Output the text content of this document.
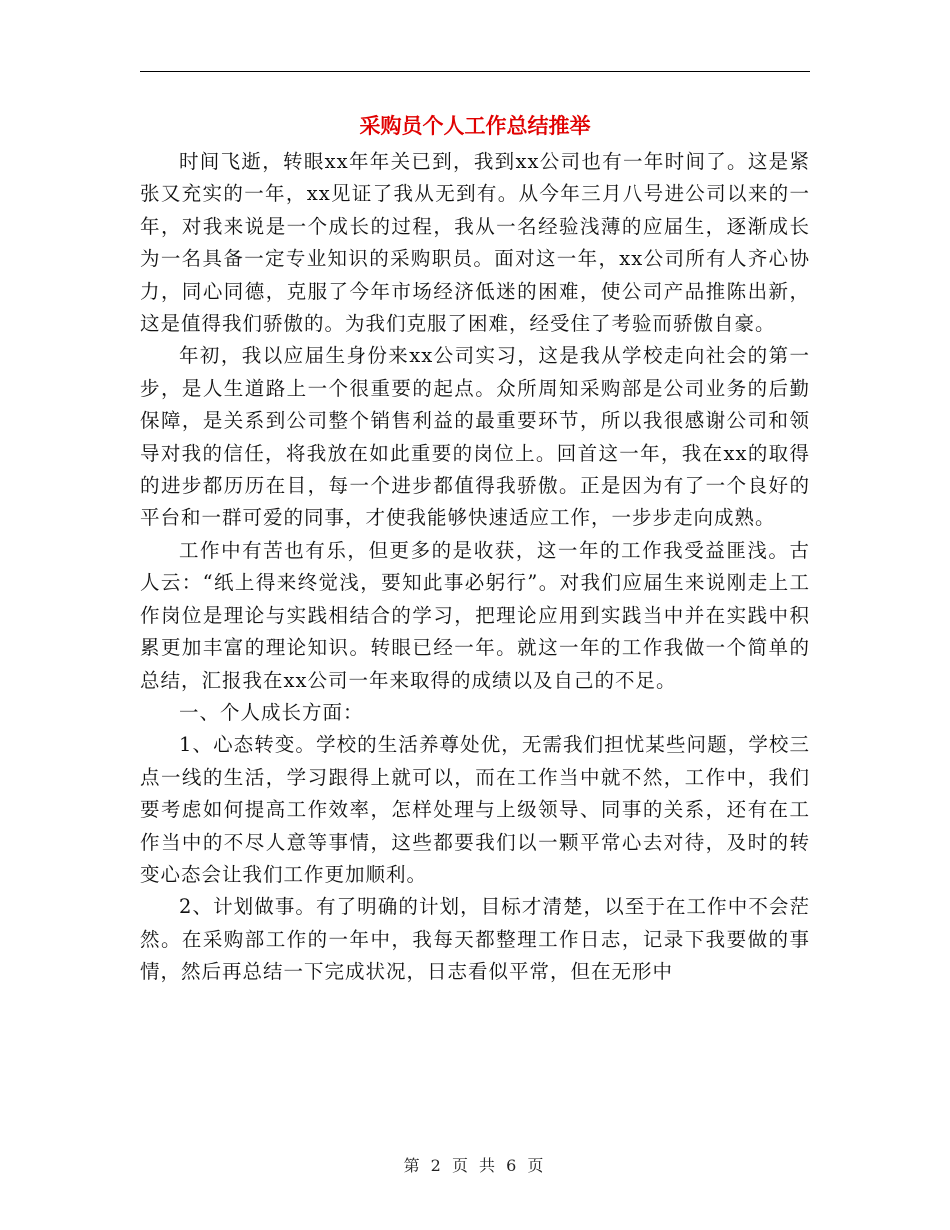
采购员个人工作总结推举

时间飞逝，转眼xx年年关已到，我到xx公司也有一年时间了。这是紧张又充实的一年，xx见证了我从无到有。从今年三月八号进公司以来的一年，对我来说是一个成长的过程，我从一名经验浅薄的应届生，逐渐成长为一名具备一定专业知识的采购职员。面对这一年，xx公司所有人齐心协力，同心同德，克服了今年市场经济低迷的困难，使公司产品推陈出新，这是值得我们骄傲的。为我们克服了困难，经受住了考验而骄傲自豪。

年初，我以应届生身份来xx公司实习，这是我从学校走向社会的第一步，是人生道路上一个很重要的起点。众所周知采购部是公司业务的后勤保障，是关系到公司整个销售利益的最重要环节，所以我很感谢公司和领导对我的信任，将我放在如此重要的岗位上。回首这一年，我在xx的取得的进步都历历在目，每一个进步都值得我骄傲。正是因为有了一个良好的平台和一群可爱的同事，才使我能够快速适应工作，一步步走向成熟。

工作中有苦也有乐，但更多的是收获，这一年的工作我受益匪浅。古人云：“纸上得来终觉浅，要知此事必躬行”。对我们应届生来说刚走上工作岗位是理论与实践相结合的学习，把理论应用到实践当中并在实践中积累更加丰富的理论知识。转眼已经一年。就这一年的工作我做一个简单的总结，汇报我在xx公司一年来取得的成绩以及自己的不足。

一、个人成长方面：

1、心态转变。学校的生活养尊处优，无需我们担忧某些问题，学校三点一线的生活，学习跟得上就可以，而在工作当中就不然，工作中，我们要考虑如何提高工作效率，怎样处理与上级领导、同事的关系，还有在工作当中的不尽人意等事情，这些都要我们以一颗平常心去对待，及时的转变心态会让我们工作更加顺利。

2、计划做事。有了明确的计划，目标才清楚，以至于在工作中不会茫然。在采购部工作的一年中，我每天都整理工作日志，记录下我要做的事情，然后再总结一下完成状况，日志看似平常，但在无形中

第 2 页 共 6 页
